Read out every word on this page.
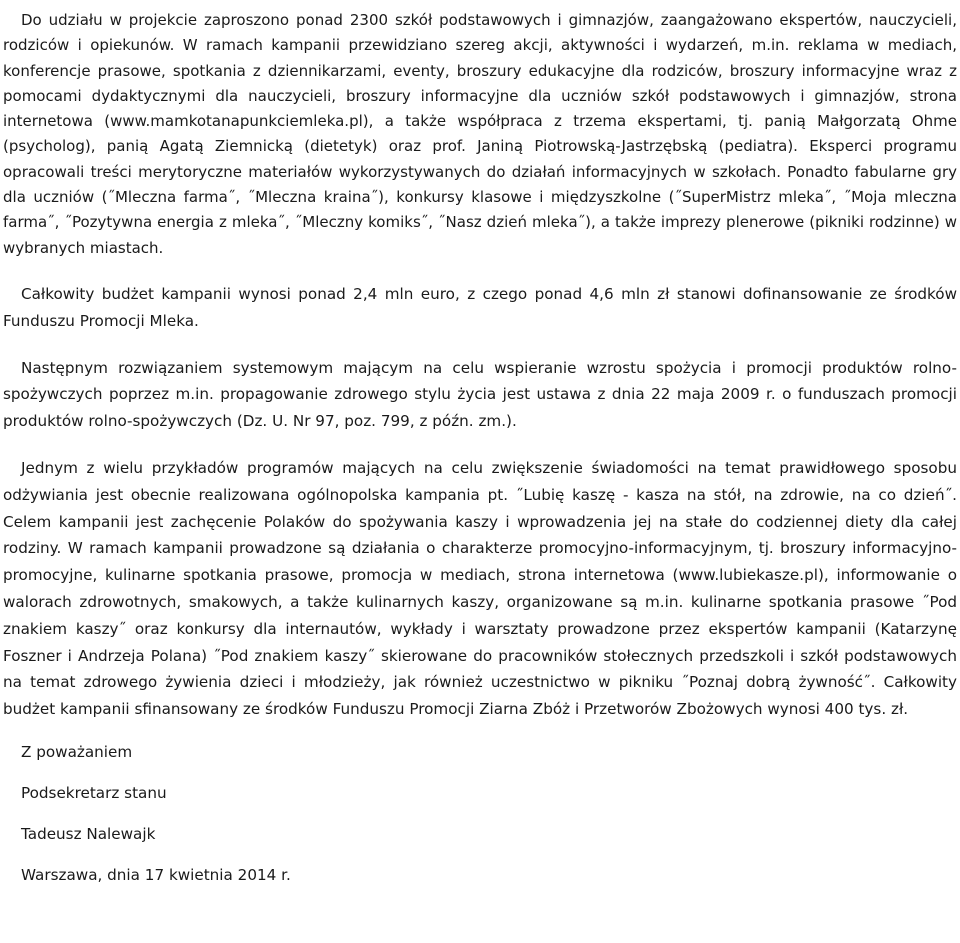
Do udziału w projekcie zaproszono ponad 2300 szkół podstawowych i gimnazjów, zaangażowano ekspertów, nauczycieli, rodziców i opiekunów. W ramach kampanii przewidziano szereg akcji, aktywności i wydarzeń, m.in. reklama w mediach, konferencje prasowe, spotkania z dziennikarzami, eventy, broszury edukacyjne dla rodziców, broszury informacyjne wraz z pomocami dydaktycznymi dla nauczycieli, broszury informacyjne dla uczniów szkół podstawowych i gimnazjów, strona internetowa (www.mamkotanapunkciemleka.pl), a także współpraca z trzema ekspertami, tj. panią Małgorzatą Ohme (psycholog), panią Agatą Ziemnicką (dietetyk) oraz prof. Janiną Piotrowską-Jastrzębską (pediatra). Eksperci programu opracowali treści merytoryczne materiałów wykorzystywanych do działań informacyjnych w szkołach. Ponadto fabularne gry dla uczniów (˝Mleczna farma˝, ˝Mleczna kraina˝), konkursy klasowe i międzyszkolne (˝SuperMistrz mleka˝, ˝Moja mleczna farma˝, ˝Pozytywna energia z mleka˝, ˝Mleczny komiks˝, ˝Nasz dzień mleka˝), a także imprezy plenerowe (pikniki rodzinne) w wybranych miastach.

Całkowity budżet kampanii wynosi ponad 2,4 mln euro, z czego ponad 4,6 mln zł stanowi dofinansowanie ze środków Funduszu Promocji Mleka.

Następnym rozwiązaniem systemowym mającym na celu wspieranie wzrostu spożycia i promocji produktów rolno-spożywczych poprzez m.in. propagowanie zdrowego stylu życia jest ustawa z dnia 22 maja 2009 r. o funduszach promocji produktów rolno-spożywczych (Dz. U. Nr 97, poz. 799, z późn. zm.).

Jednym z wielu przykładów programów mających na celu zwiększenie świadomości na temat prawidłowego sposobu odżywiania jest obecnie realizowana ogólnopolska kampania pt. ˝Lubię kaszę - kasza na stół, na zdrowie, na co dzień˝. Celem kampanii jest zachęcenie Polaków do spożywania kaszy i wprowadzenia jej na stałe do codziennej diety dla całej rodziny. W ramach kampanii prowadzone są działania o charakterze promocyjno-informacyjnym, tj. broszury informacyjno-promocyjne, kulinarne spotkania prasowe, promocja w mediach, strona internetowa (www.lubiekasze.pl), informowanie o walorach zdrowotnych, smakowych, a także kulinarnych kaszy, organizowane są m.in. kulinarne spotkania prasowe ˝Pod znakiem kaszy˝ oraz konkursy dla internautów, wykłady i warsztaty prowadzone przez ekspertów kampanii (Katarzynę Foszner i Andrzeja Polana) ˝Pod znakiem kaszy˝ skierowane do pracowników stołecznych przedszkoli i szkół podstawowych na temat zdrowego żywienia dzieci i młodzieży, jak również uczestnictwo w pikniku ˝Poznaj dobrą żywność˝. Całkowity budżet kampanii sfinansowany ze środków Funduszu Promocji Ziarna Zbóż i Przetworów Zbożowych wynosi 400 tys. zł.

Z poważaniem

Podsekretarz stanu

Tadeusz Nalewajk

Warszawa, dnia 17 kwietnia 2014 r.
